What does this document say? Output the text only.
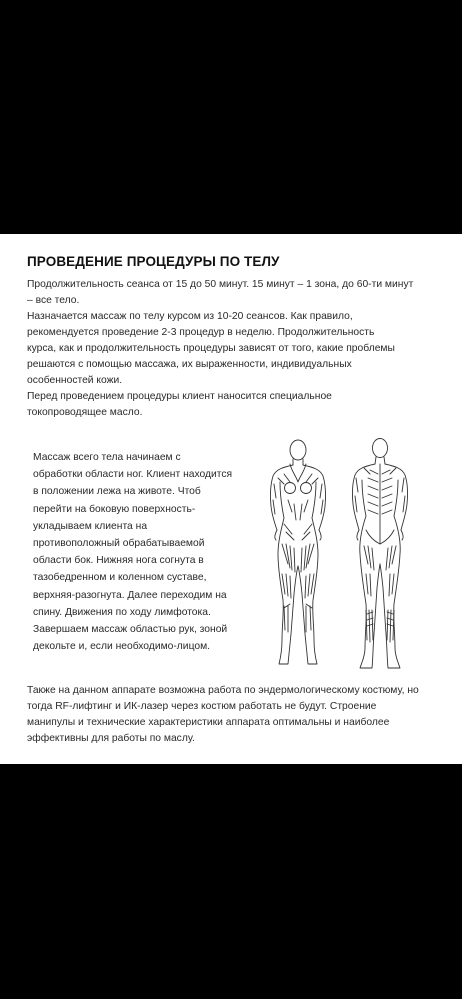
ПРОВЕДЕНИЕ ПРОЦЕДУРЫ ПО ТЕЛУ
Продолжительность сеанса от 15 до 50 минут. 15 минут – 1 зона, до 60-ти минут
– все тело.
Назначается массаж по телу курсом из 10-20 сеансов. Как правило,
рекомендуется проведение 2-3 процедур в неделю. Продолжительность
курса, как и продолжительность процедуры зависят от того, какие проблемы
решаются с помощью массажа, их выраженности, индивидуальных
особенностей кожи.
Перед проведением процедуры клиент наносится специальное
токопроводящее масло.
Массаж всего тела начинаем с
обработки области ног. Клиент находится
в положении лежа на животе. Чтоб
перейти на боковую поверхность-
укладываем клиента на
противоположный обрабатываемой
области бок. Нижняя нога согнута в
тазобедренном и коленном суставе,
верхняя-разогнута. Далее переходим на
спину. Движения по ходу лимфотока.
Завершаем массаж областью рук, зоной
декольте и, если необходимо-лицом.
Также на данном аппарате возможна работа по эндермологическому костюму, но
тогда RF-лифтинг и ИК-лазер через костюм работать не будут. Строение
манипулы и технические характеристики аппарата оптимальны и наиболее
эффективны для работы по маслу.
